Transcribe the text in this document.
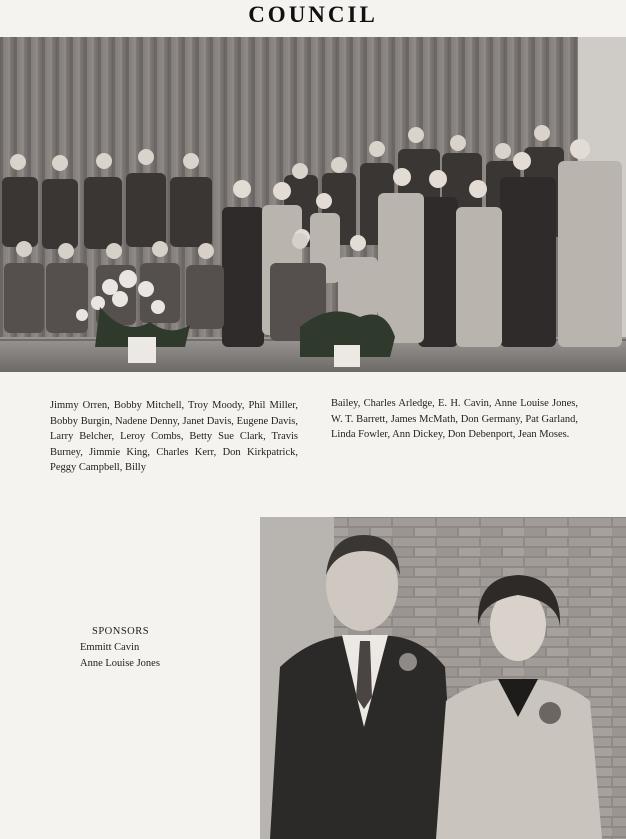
COUNCIL
Jimmy Orren, Bobby Mitchell, Troy Moody, Phil Miller, Bobby Burgin, Nadene Denny, Janet Davis, Eugene Davis, Larry Belcher, Leroy Combs, Betty Sue Clark, Travis Burney, Jimmie King, Charles Kerr, Don Kirkpatrick, Peggy Campbell, Billy
Bailey, Charles Arledge, E. H. Cavin, Anne Louise Jones, W. T. Barrett, James McMath, Don Germany, Pat Garland, Linda Fowler, Ann Dickey, Don Debenport, Jean Moses.
SPONSORS
Emmitt Cavin
Anne Louise Jones
